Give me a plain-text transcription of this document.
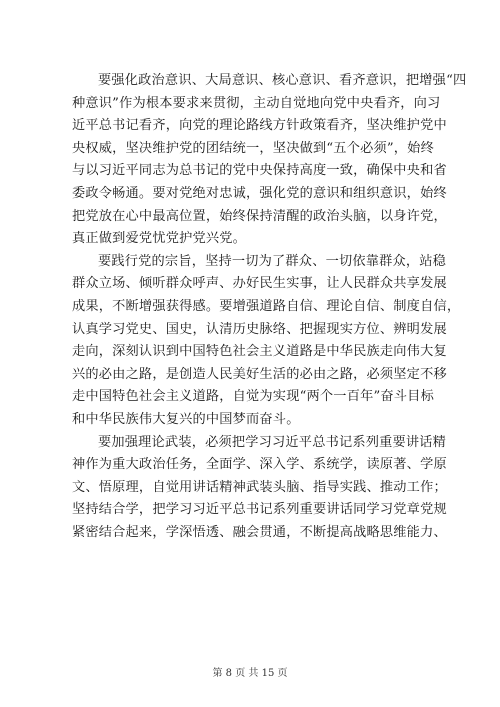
要强化政治意识、大局意识、核心意识、看齐意识，把增强“四
种意识”作为根本要求来贯彻，主动自觉地向党中央看齐，向习
近平总书记看齐，向党的理论路线方针政策看齐，坚决维护党中
央权威，坚决维护党的团结统一，坚决做到“五个必须”，始终
与以习近平同志为总书记的党中央保持高度一致，确保中央和省
委政令畅通。要对党绝对忠诚，强化党的意识和组织意识，始终
把党放在心中最高位置，始终保持清醒的政治头脑，以身许党，
真正做到爱党忧党护党兴党。
要践行党的宗旨，坚持一切为了群众、一切依靠群众，站稳
群众立场、倾听群众呼声、办好民生实事，让人民群众共享发展
成果，不断增强获得感。要增强道路自信、理论自信、制度自信，
认真学习党史、国史，认清历史脉络、把握现实方位、辨明发展
走向，深刻认识到中国特色社会主义道路是中华民族走向伟大复
兴的必由之路，是创造人民美好生活的必由之路，必须坚定不移
走中国特色社会主义道路，自觉为实现“两个一百年”奋斗目标
和中华民族伟大复兴的中国梦而奋斗。
要加强理论武装，必须把学习习近平总书记系列重要讲话精
神作为重大政治任务，全面学、深入学、系统学，读原著、学原
文、悟原理，自觉用讲话精神武装头脑、指导实践、推动工作；
坚持结合学，把学习习近平总书记系列重要讲话同学习党章党规
紧密结合起来，学深悟透、融会贯通，不断提高战略思维能力、
第 8 页 共 15 页
